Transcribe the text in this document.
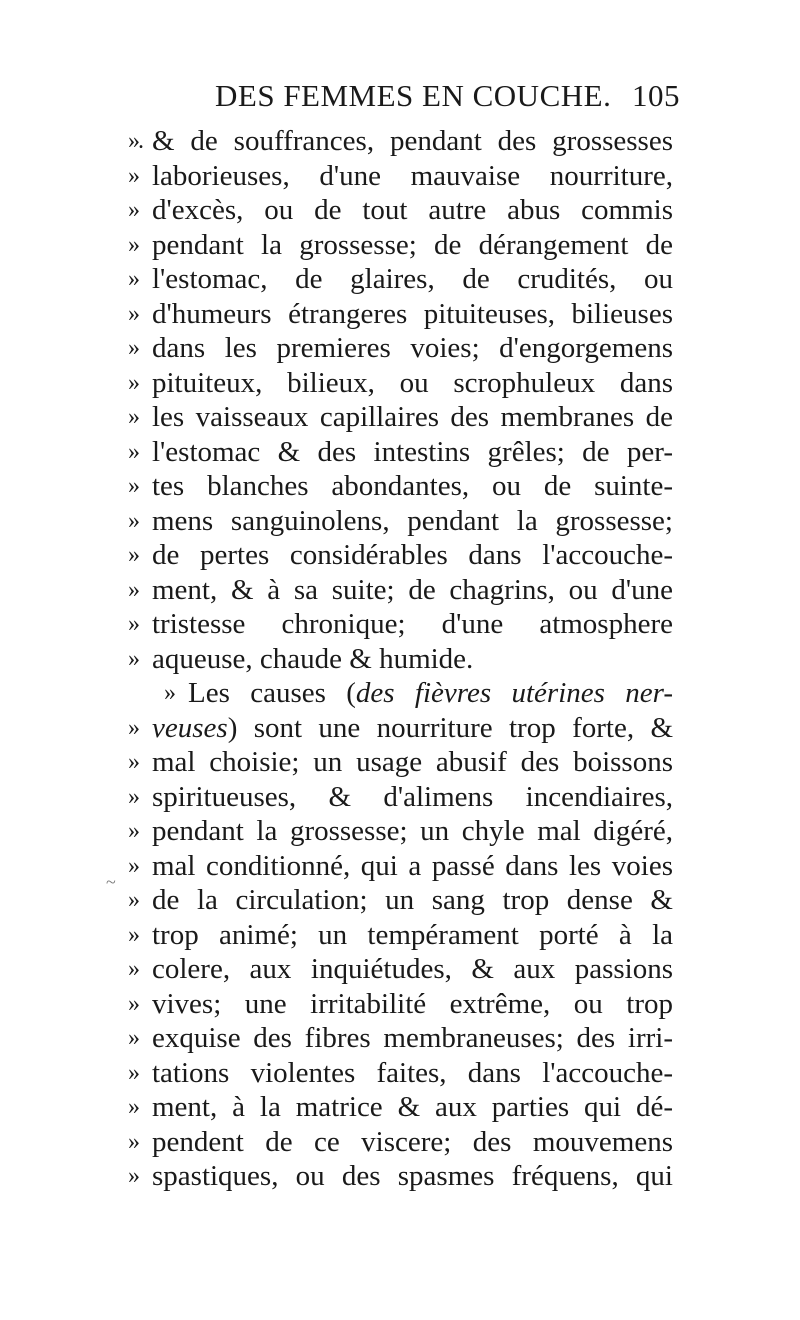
DES FEMMES EN COUCHE. 105
». & de souffrances, pendant des grossesses
» laborieuses, d'une mauvaise nourriture,
» d'excès, ou de tout autre abus commis
» pendant la grossesse; de dérangement de
» l'estomac, de glaires, de crudités, ou
» d'humeurs étrangeres pituiteuses, bilieuses
» dans les premieres voies; d'engorgemens
» pituiteux, bilieux, ou scrophuleux dans
» les vaisseaux capillaires des membranes de
» l'estomac & des intestins grêles; de per-
» tes blanches abondantes, ou de suinte-
» mens sanguinolens, pendant la grossesse;
» de pertes considérables dans l'accouche-
» ment, & à sa suite; de chagrins, ou d'une
» tristesse chronique; d'une atmosphere
» aqueuse, chaude & humide.
» Les causes (des fièvres utérines ner-
» veuses) sont une nourriture trop forte, &
» mal choisie; un usage abusif des boissons
» spiritueuses, & d'alimens incendiaires,
» pendant la grossesse; un chyle mal digéré,
» mal conditionné, qui a passé dans les voies
» de la circulation; un sang trop dense &
» trop animé; un tempérament porté à la
» colere, aux inquiétudes, & aux passions
» vives; une irritabilité extrême, ou trop
» exquise des fibres membraneuses; des irri-
» tations violentes faites, dans l'accouche-
» ment, à la matrice & aux parties qui dé-
» pendent de ce viscere; des mouvemens
» spastiques, ou des spasmes fréquens, qui
~
